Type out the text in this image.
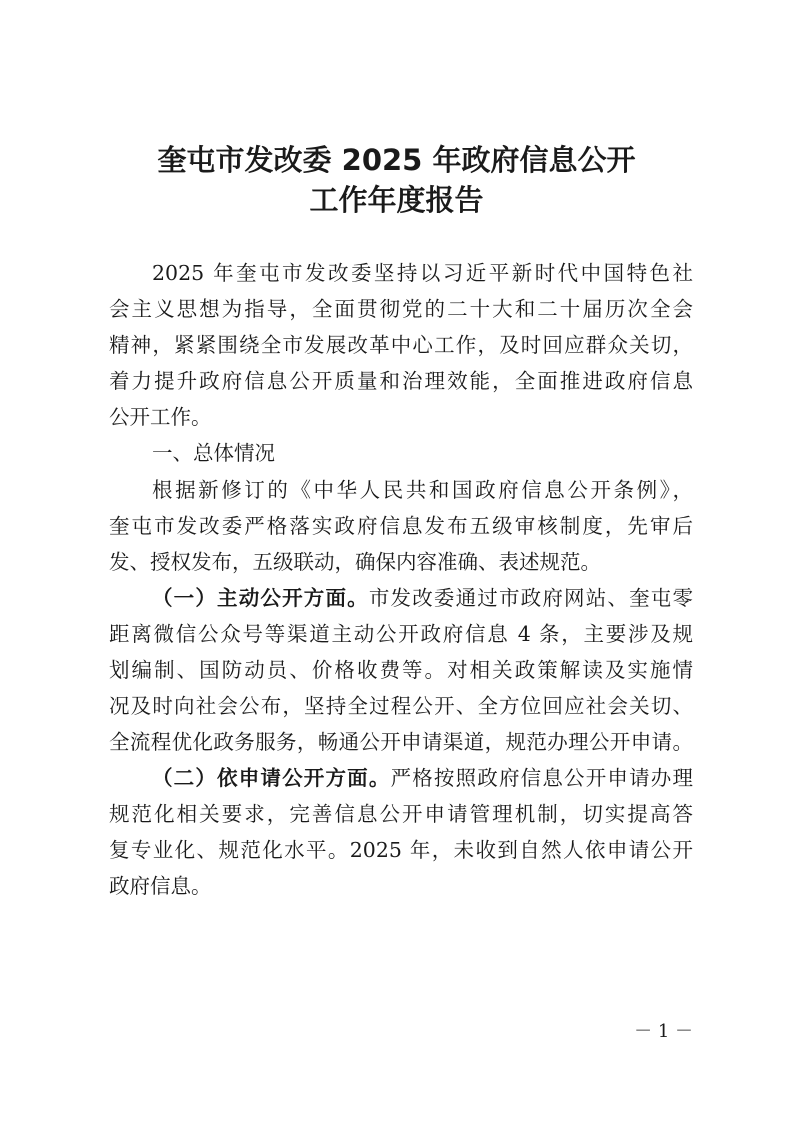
奎屯市发改委 2025 年政府信息公开
工作年度报告
2025 年奎屯市发改委坚持以习近平新时代中国特色社
会主义思想为指导，全面贯彻党的二十大和二十届历次全会
精神，紧紧围绕全市发展改革中心工作，及时回应群众关切，
着力提升政府信息公开质量和治理效能，全面推进政府信息
公开工作。
一、总体情况
根据新修订的《中华人民共和国政府信息公开条例》，
奎屯市发改委严格落实政府信息发布五级审核制度，先审后
发、授权发布，五级联动，确保内容准确、表述规范。
（一）主动公开方面。市发改委通过市政府网站、奎屯零
距离微信公众号等渠道主动公开政府信息 4 条，主要涉及规
划编制、国防动员、价格收费等。对相关政策解读及实施情
况及时向社会公布，坚持全过程公开、全方位回应社会关切、
全流程优化政务服务，畅通公开申请渠道，规范办理公开申请。
（二）依申请公开方面。严格按照政府信息公开申请办理
规范化相关要求，完善信息公开申请管理机制，切实提高答
复专业化、规范化水平。2025 年，未收到自然人依申请公开
政府信息。
－ 1 －
